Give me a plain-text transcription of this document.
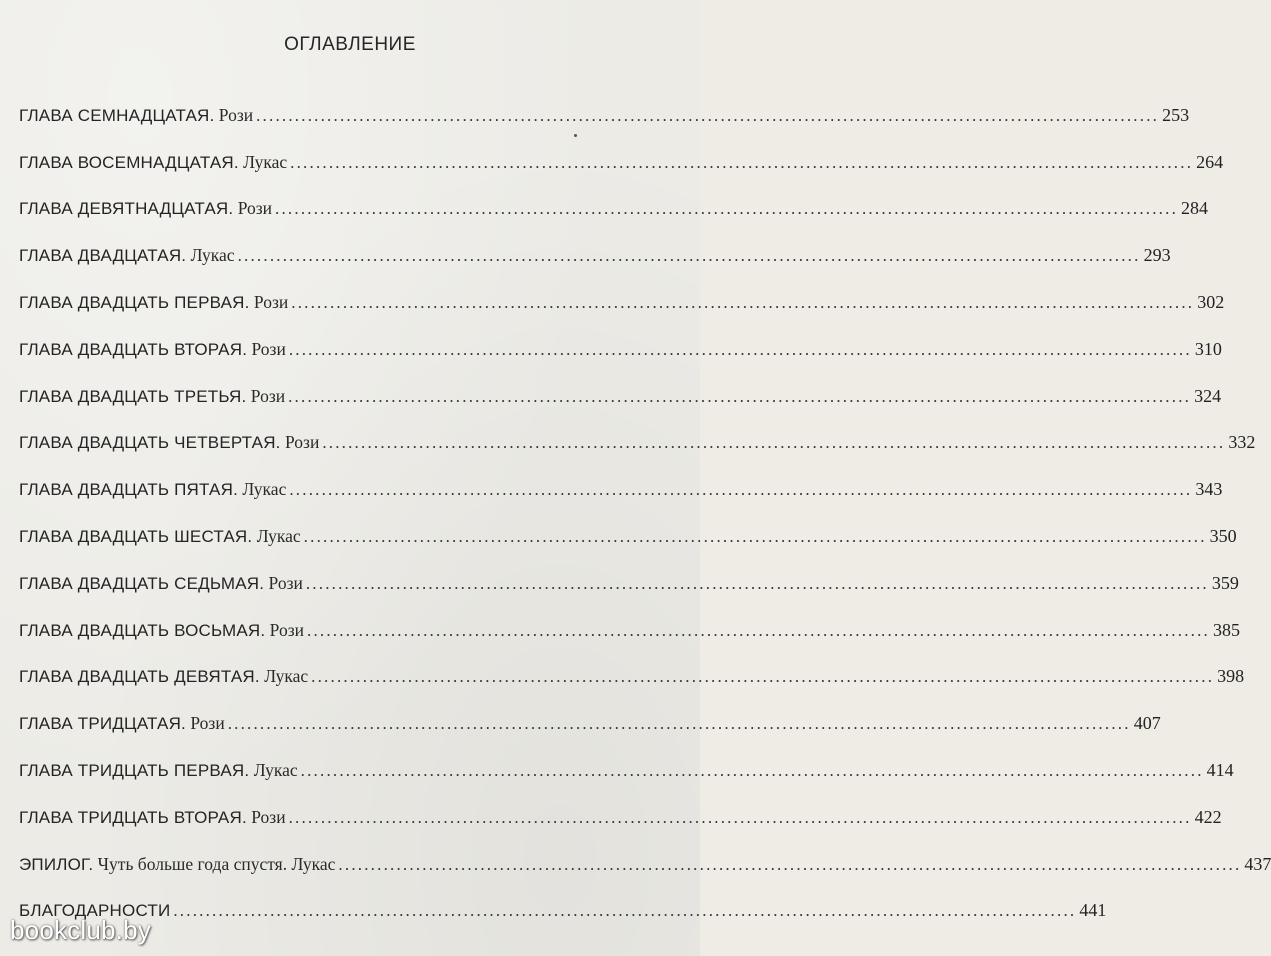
ОГЛАВЛЕНИЕ
ГЛАВА СЕМНАДЦАТАЯ. Рози ............................................................................................................................................ 253
ГЛАВА ВОСЕМНАДЦАТАЯ. Лукас ............................................................................................................................................ 264
ГЛАВА ДЕВЯТНАДЦАТАЯ. Рози ............................................................................................................................................ 284
ГЛАВА ДВАДЦАТАЯ. Лукас ............................................................................................................................................ 293
ГЛАВА ДВАДЦАТЬ ПЕРВАЯ. Рози ............................................................................................................................................ 302
ГЛАВА ДВАДЦАТЬ ВТОРАЯ. Рози ............................................................................................................................................ 310
ГЛАВА ДВАДЦАТЬ ТРЕТЬЯ. Рози ............................................................................................................................................ 324
ГЛАВА ДВАДЦАТЬ ЧЕТВЕРТАЯ. Рози ............................................................................................................................................ 332
ГЛАВА ДВАДЦАТЬ ПЯТАЯ. Лукас ............................................................................................................................................ 343
ГЛАВА ДВАДЦАТЬ ШЕСТАЯ. Лукас ............................................................................................................................................ 350
ГЛАВА ДВАДЦАТЬ СЕДЬМАЯ. Рози ............................................................................................................................................ 359
ГЛАВА ДВАДЦАТЬ ВОСЬМАЯ. Рози ............................................................................................................................................ 385
ГЛАВА ДВАДЦАТЬ ДЕВЯТАЯ. Лукас ............................................................................................................................................ 398
ГЛАВА ТРИДЦАТАЯ. Рози ............................................................................................................................................ 407
ГЛАВА ТРИДЦАТЬ ПЕРВАЯ. Лукас ............................................................................................................................................ 414
ГЛАВА ТРИДЦАТЬ ВТОРАЯ. Рози ............................................................................................................................................ 422
ЭПИЛОГ. Чуть больше года спустя. Лукас ............................................................................................................................................ 437
БЛАГОДАРНОСТИ ............................................................................................................................................ 441
bookclub.by
